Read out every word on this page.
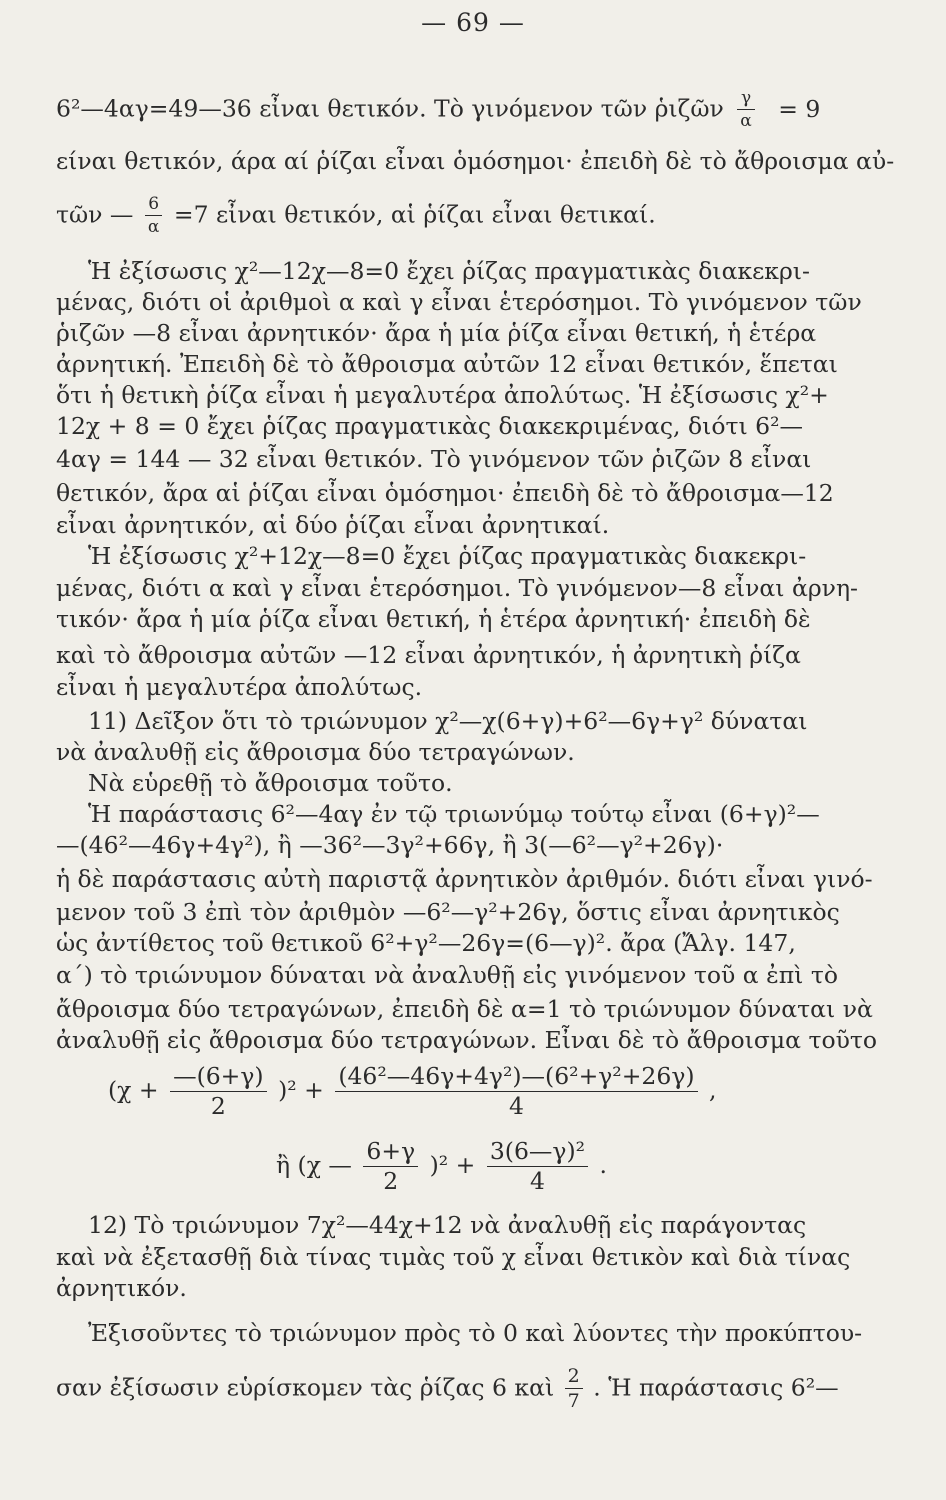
— 69 —
6²—4αγ=49—36 εἶναι θετικόν. Τὸ γινόμενον τῶν ῥιζῶν $\frac{\gamma}{\alpha} = 9$
είναι θετικόν, άρα αί ῥίζαι εἶναι ὁμόσημοι· ἐπειδὴ δὲ τὸ ἄθροισμα αὐ-
τῶν — $\frac{6}{\alpha} =7$ εἶναι θετικόν, αἱ ῥίζαι εἶναι θετικαί.
Ἡ ἐξίσωσις χ²—12χ—8=0 ἔχει ῥίζας πραγματικὰς διακεκρι-
μένας, διότι οἱ ἀριθμοὶ α καὶ γ εἶναι ἑτερόσημοι. Τὸ γινόμενον τῶν
ῥιζῶν —8 εἶναι ἀρνητικόν· ἄρα ἡ μία ῥίζα εἶναι θετική, ἡ ἑτέρα
ἀρνητική. Ἐπειδὴ δὲ τὸ ἄθροισμα αὐτῶν 12 εἶναι θετικόν, ἕπεται
ὅτι ἡ θετικὴ ῥίζα εἶναι ἡ μεγαλυτέρα ἀπολύτως. Ἡ ἐξίσωσις χ²+
12χ + 8 = 0 ἔχει ῥίζας πραγματικὰς διακεκριμένας, διότι 6²—
4αγ = 144 — 32 εἶναι θετικόν. Τὸ γινόμενον τῶν ῥιζῶν 8 εἶναι
θετικόν, ἄρα αἱ ῥίζαι εἶναι ὁμόσημοι· ἐπειδὴ δὲ τὸ ἄθροισμα—12
εἶναι ἀρνητικόν, αἱ δύο ῥίζαι εἶναι ἀρνητικαί.
Ἡ ἐξίσωσις χ²+12χ—8=0 ἔχει ῥίζας πραγματικὰς διακεκρι-
μένας, διότι α καὶ γ εἶναι ἑτερόσημοι. Τὸ γινόμενον—8 εἶναι ἀρνη-
τικόν· ἄρα ἡ μία ῥίζα εἶναι θετική, ἡ ἑτέρα ἀρνητική· ἐπειδὴ δὲ
καὶ τὸ ἄθροισμα αὐτῶν —12 εἶναι ἀρνητικόν, ἡ ἀρνητικὴ ῥίζα
εἶναι ἡ μεγαλυτέρα ἀπολύτως.
11) Δεῖξον ὅτι τὸ τριώνυμον χ²—χ(6+γ)+6²—6γ+γ² δύναται
νὰ ἀναλυθῇ εἰς ἄθροισμα δύο τετραγώνων.
Νὰ εὑρεθῇ τὸ ἄθροισμα τοῦτο.
Ἡ παράστασις 6²—4αγ ἐν τῷ τριωνύμῳ τούτῳ εἶναι (6+γ)²—
—(46²—46γ+4γ²), ἢ —36²—3γ²+66γ, ἢ 3(—6²—γ²+26γ)·
ἡ δὲ παράστασις αὐτὴ παριστᾷ ἀρνητικὸν ἀριθμόν. διότι εἶναι γινό-
μενον τοῦ 3 ἐπὶ τὸν ἀριθμὸν —6²—γ²+26γ, ὅστις εἶναι ἀρνητικὸς
ὡς ἀντίθετος τοῦ θετικοῦ 6²+γ²—26γ=(6—γ)². ἄρα (Ἄλγ. 147,
α΄) τὸ τριώνυμον δύναται νὰ ἀναλυθῇ εἰς γινόμενον τοῦ α ἐπὶ τὸ
ἄθροισμα δύο τετραγώνων, ἐπειδὴ δὲ α=1 τὸ τριώνυμον δύναται νὰ
ἀναλυθῇ εἰς ἄθροισμα δύο τετραγώνων. Εἶναι δὲ τὸ ἄθροισμα τοῦτο
$(\chi + \frac{—(6+\gamma)}{2} )^2 + \frac{\text{(46²—46γ+4γ²)—(6²+γ²+26γ)}}{4}$ ,
ἢ (χ — $\frac{6+\gamma}{2} )^2 + \frac{\text{3(6—γ)²}}{4}$ .
12) Τὸ τριώνυμον 7χ²—44χ+12 νὰ ἀναλυθῇ εἰς παράγοντας
καὶ νὰ ἐξετασθῇ διὰ τίνας τιμὰς τοῦ χ εἶναι θετικὸν καὶ διὰ τίνας
ἀρνητικόν.
Ἐξισοῦντες τὸ τριώνυμον πρὸς τὸ 0 καὶ λύοντες τὴν προκύπτου-
σαν ἐξίσωσιν εὑρίσκομεν τὰς ῥίζας 6 καὶ $\frac{2}{7}$ . Ἡ παράστασις 6²—
